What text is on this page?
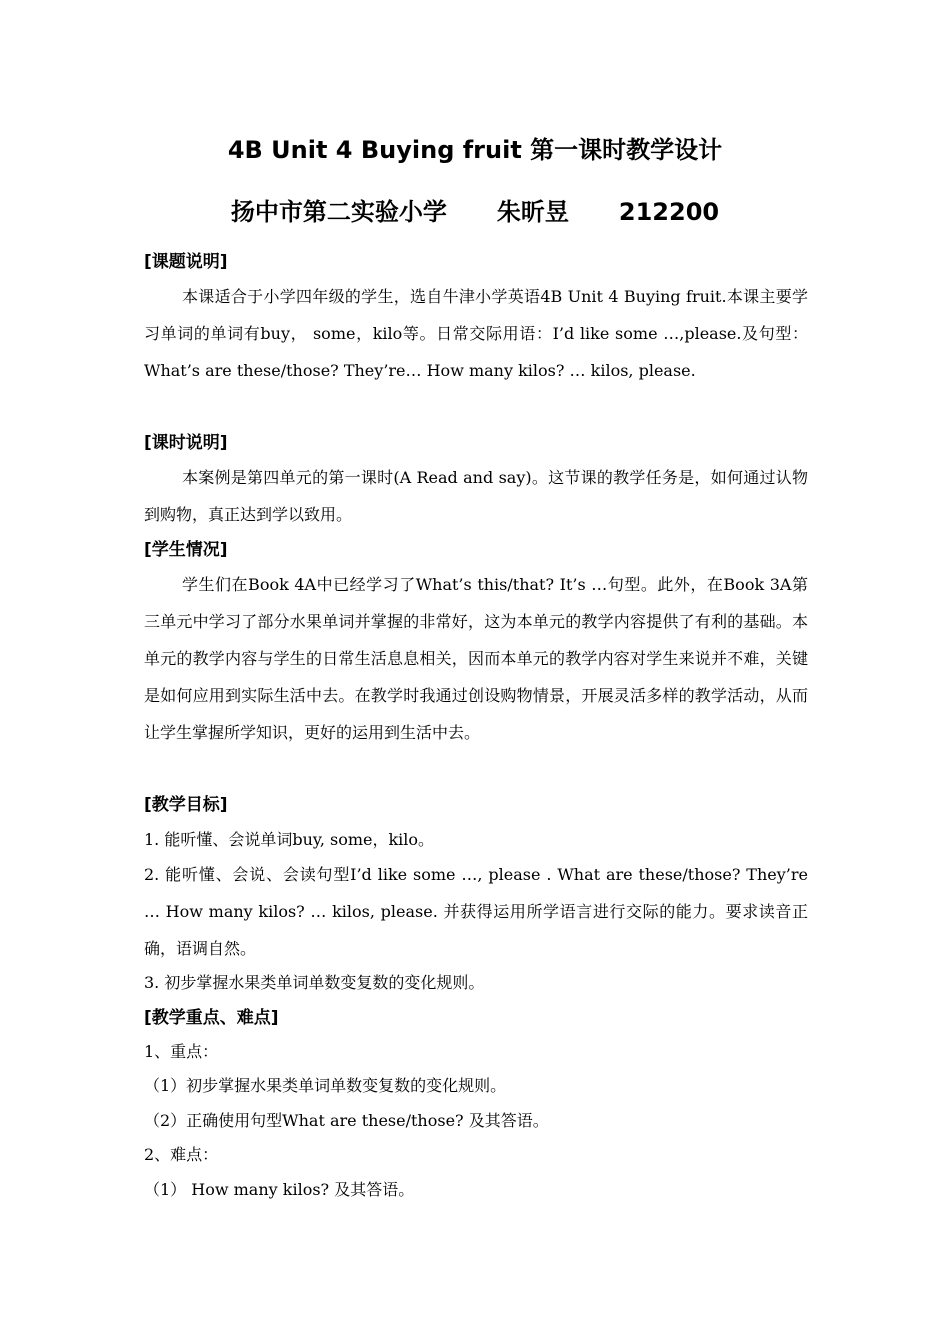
4B Unit 4 Buying fruit 第一课时教学设计
扬中市第二实验小学 朱昕昱 212200
[课题说明]
本课适合于小学四年级的学生，选自牛津小学英语4B Unit 4 Buying fruit.本课主要学习单词的单词有buy， some，kilo等。日常交际用语：I’d like some …,please.及句型：What’s are these/those? They’re… How many kilos? … kilos, please.
[课时说明]
本案例是第四单元的第一课时(A Read and say)。这节课的教学任务是，如何通过认物到购物，真正达到学以致用。
[学生情况]
学生们在Book 4A中已经学习了What’s this/that? It’s …句型。此外，在Book 3A第三单元中学习了部分水果单词并掌握的非常好，这为本单元的教学内容提供了有利的基础。本单元的教学内容与学生的日常生活息息相关，因而本单元的教学内容对学生来说并不难，关键是如何应用到实际生活中去。在教学时我通过创设购物情景，开展灵活多样的教学活动，从而让学生掌握所学知识，更好的运用到生活中去。
[教学目标]
1. 能听懂、会说单词buy, some，kilo。
2. 能听懂、会说、会读句型I’d like some …, please . What are these/those? They’re … How many kilos? … kilos, please. 并获得运用所学语言进行交际的能力。要求读音正确，语调自然。
3. 初步掌握水果类单词单数变复数的变化规则。
[教学重点、难点]
1、重点：
（1）初步掌握水果类单词单数变复数的变化规则。
（2）正确使用句型What are these/those? 及其答语。
2、难点：
（1） How many kilos? 及其答语。
